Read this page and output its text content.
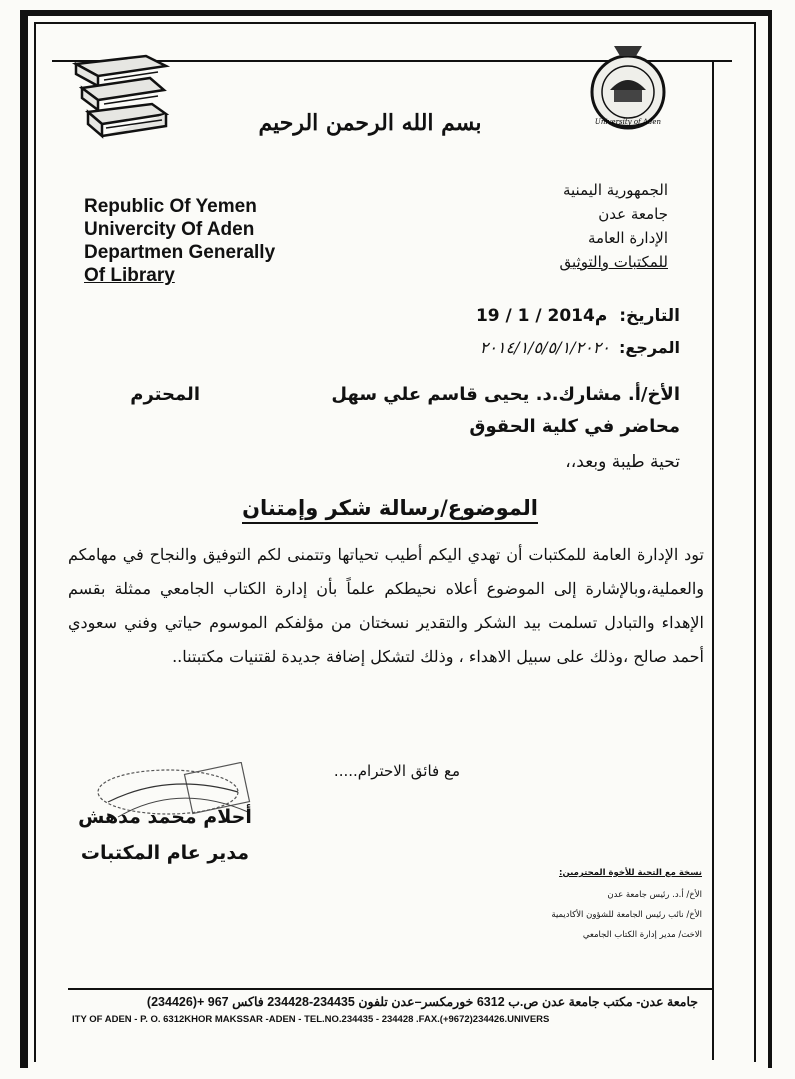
University of Aden
بسم الله الرحمن الرحيم
Republic Of Yemen
Univercity Of Aden
Departmen Generally
Of Library
الجمهورية اليمنية
جامعة عدن
الإدارة العامة
للمكتبات والتوثيق
التاريخ: 19 / 1 / 2014م
المرجع: ٢٠١٤/١/٥/٥/١/٢٠٢٠
الأخ/أ. مشارك.د. يحيى قاسم علي سهل
المحترم
محاضر في كلية الحقوق
تحية طيبة وبعد،،
الموضوع/رسالة شكر وإمتنان
تود الإدارة العامة للمكتبات أن تهدي اليكم أطيب تحياتها وتتمنى لكم التوفيق والنجاح في مهامكم والعملية،وبالإشارة إلى الموضوع أعلاه نحيطكم علماً بأن إدارة الكتاب الجامعي ممثلة بقسم الإهداء والتبادل تسلمت بيد الشكر والتقدير نسختان من مؤلفكم الموسوم حياتي وفني سعودي أحمد صالح ،وذلك على سبيل الاهداء ، وذلك لتشكل إضافة جديدة لقتنيات مكتبتنا..
مع فائق الاحترام.....
أحلام محمد مدهش
مدير عام المكتبات
نسخة مع التحية للأخوة المحترمين:
الأخ/ أ.د. رئيس جامعة عدن
الأخ/ نائب رئيس الجامعة للشؤون الأكاديمية
الاخت/ مدير إدارة الكتاب الجامعي
جامعة عدن- مكتب جامعة عدن ص.ب 6312 خورمكسر–عدن تلفون 234435-234428 فاكس 967 +(234426)
ITY OF ADEN - P. O. 6312KHOR MAKSSAR -ADEN - TEL.NO.234435 - 234428 .FAX.(+9672)234426.UNIVERS
